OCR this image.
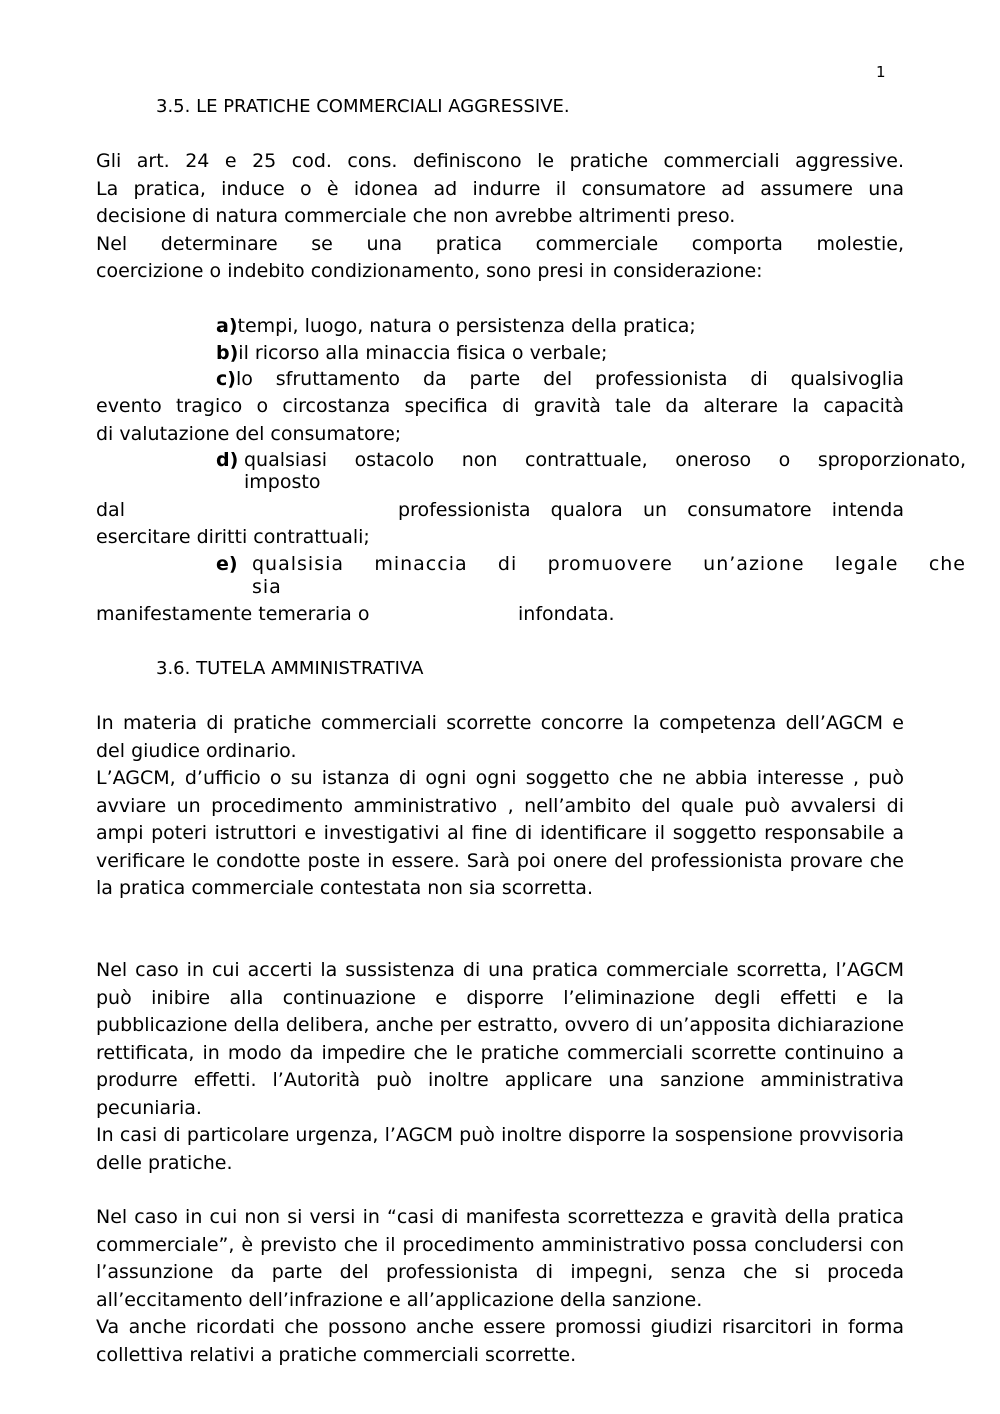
1
3.5. LE PRATICHE COMMERCIALI AGGRESSIVE.
Gli art. 24 e 25 cod. cons. definiscono le pratiche commerciali aggressive.
La pratica, induce o è idonea ad indurre il consumatore ad assumere una
decisione di natura commerciale che non avrebbe altrimenti preso.
Nel determinare se una pratica commerciale comporta molestie,
coercizione o indebito condizionamento, sono presi in considerazione:
a)tempi, luogo, natura o persistenza della pratica;
b)il ricorso alla minaccia fisica o verbale;
c)lo sfruttamento da parte del professionista di qualsivoglia
evento tragico o circostanza specifica di gravità tale da alterare la capacità
di valutazione del consumatore;
d) qualsiasi ostacolo non contrattuale, oneroso o sproporzionato,
imposto
dal	professionista qualora un consumatore intenda
esercitare diritti contrattuali;
e) qualsisia minaccia di promuovere un’azione legale che
sia
manifestamente temeraria o	infondata.
3.6. TUTELA AMMINISTRATIVA
In materia di pratiche commerciali scorrette concorre la competenza dell’AGCM e del giudice ordinario.
L’AGCM, d’ufficio o su istanza di ogni ogni soggetto che ne abbia interesse , può avviare un procedimento amministrativo , nell’ambito del quale può avvalersi di ampi poteri istruttori e investigativi al fine di identificare il soggetto responsabile a verificare le condotte poste in essere. Sarà poi onere del professionista provare che la pratica commerciale contestata non sia scorretta.
Nel caso in cui accerti la sussistenza di una pratica commerciale scorretta, l’AGCM può inibire alla continuazione e disporre l’eliminazione degli effetti e la pubblicazione della delibera, anche per estratto, ovvero di un’apposita dichiarazione rettificata, in modo da impedire che le pratiche commerciali scorrette continuino a produrre effetti. l’Autorità può inoltre applicare una sanzione amministrativa pecuniaria.
In casi di particolare urgenza, l’AGCM può inoltre disporre la sospensione provvisoria delle pratiche.
Nel caso in cui non si versi in “casi di manifesta scorrettezza e gravità della pratica commerciale”, è previsto che il procedimento amministrativo possa concludersi con l’assunzione da parte del professionista di impegni, senza che si proceda all’eccitamento dell’infrazione e all’applicazione della sanzione.
Va anche ricordati che possono anche essere promossi giudizi risarcitori in forma collettiva relativi a pratiche commerciali scorrette.
